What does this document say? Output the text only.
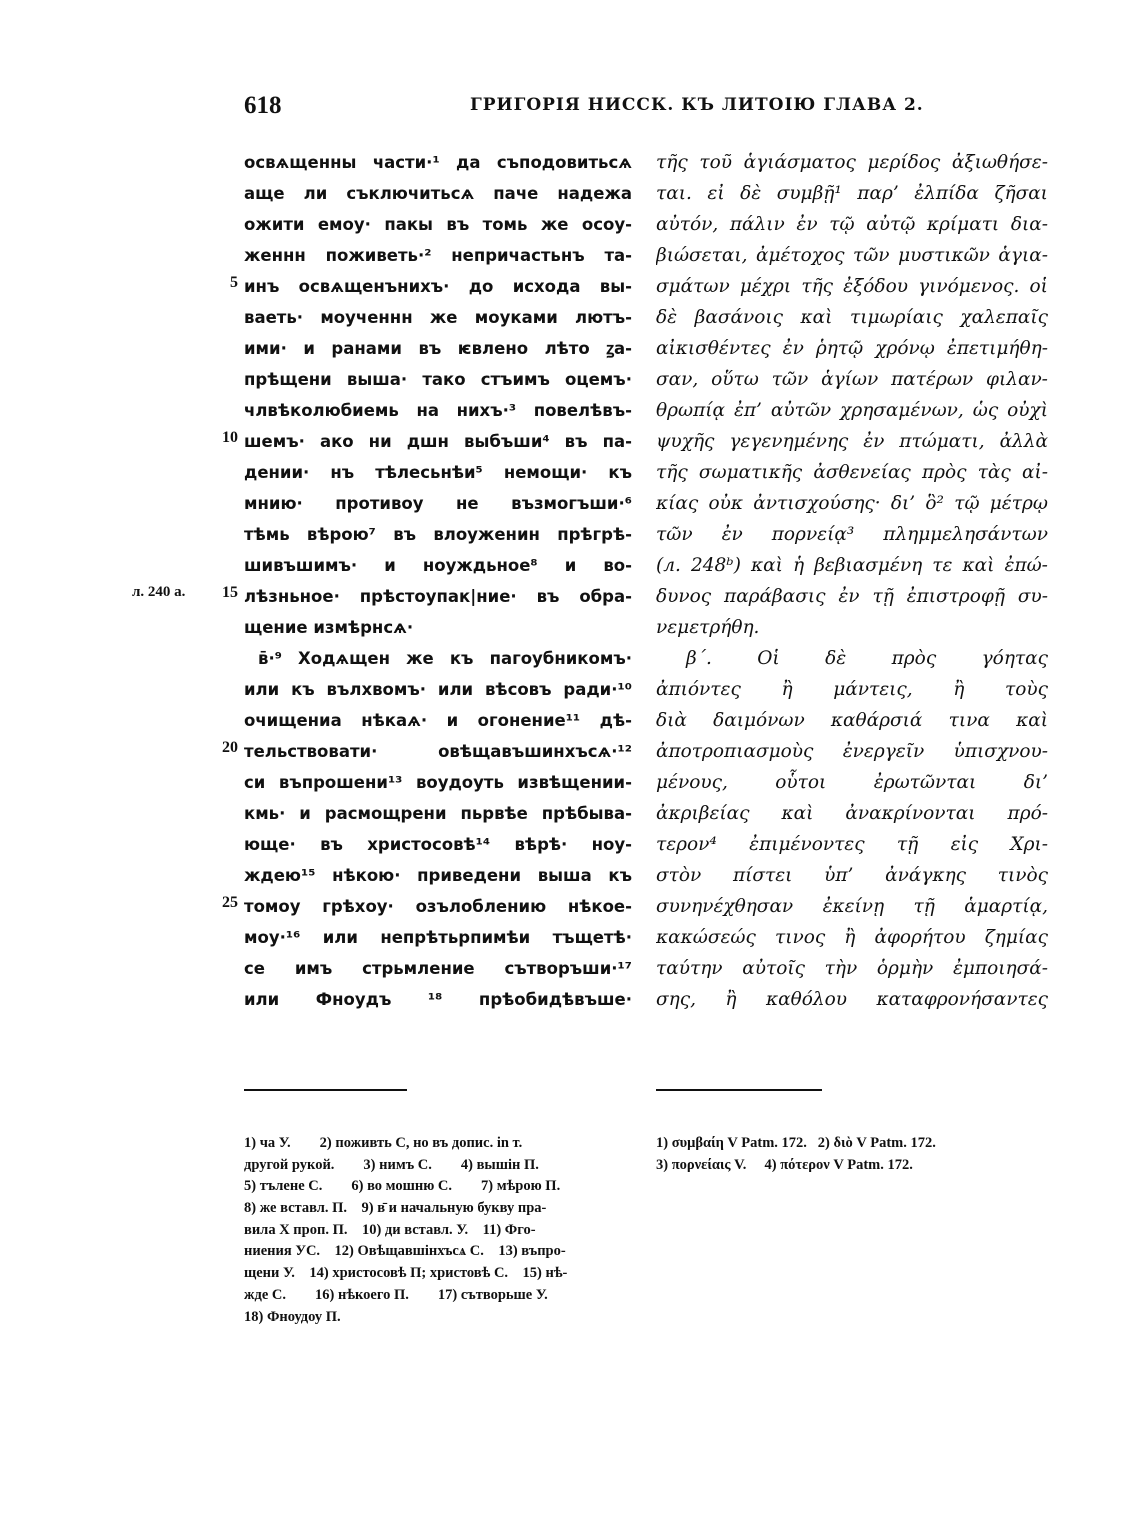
618	ГРИГОРІЯ НИССК. КЪ ЛИТОІЮ ГЛАВА 2.
освѧщенны части·¹ да съподовитьсѧ
аще ли съключитьсѧ паче надежа
ожити емоу· пакы въ томь же осоу-
женнн поживеть·² непричастьнъ та-
инъ освѧщенънихъ· до исхода вы-
ваеть· моученнн же моуками лютъ-
ими· и ранами въ ѥвлено лѣто ꙁа-
прѣщени выша· тако стъимъ оцемъ·
члвѣколюбиемь на нихъ·³ повелѣвъ-
шемъ· ако ни дшн выбъши⁴ въ па-
дении· нъ тѣлесьнѣи⁵ немощи· къ
мнию· противоу не възмогъши·⁶
тѣмь вѣрою⁷ въ влоуженин прѣгрѣ-
шивъшимъ· и ноуждьное⁸ и во-
лѣзньное· прѣстоупак|ние· въ обра-
щение измѣрнсѧ·
в̄·⁹ Ходѧщен же къ пагоубникомъ·
или къ вълхвомъ· или вѣсовъ ради·¹⁰
очищениа нѣкаѧ· и огонение¹¹ дѣ-
тельствовати·	овѣщавъшинхъсѧ·¹²
си въпрошени¹³ воудоуть извѣщении-
кмь· и расмощрени пьрвѣе прѣбыва-
юще· въ христосовѣ¹⁴ вѣрѣ· ноу-
ждею¹⁵ нѣкою· приведени выша къ
томоу грѣхоу· озълоблению нѣкое-
моу·¹⁶ или непрѣтьрпимѣи тъщетѣ·
се имъ стрьмление сътворъши·¹⁷
или Фноудъ ¹⁸ прѣобидѣвъше·
5
10
15
20
25
л. 240 а.
τῆς τοῦ ἁγιάσματος μερίδος ἀξιωθήσε-
ται. εἰ δὲ συμβῇ¹ παρ’ ἐλπίδα ζῆσαι
αὐτόν, πάλιν ἐν τῷ αὐτῷ κρίματι δια-
βιώσεται, ἀμέτοχος τῶν μυστικῶν ἁγια-
σμάτων μέχρι τῆς ἐξόδου γινόμενος. οἱ
δὲ βασάνοις καὶ τιμωρίαις χαλεπαῖς
αἰκισθέντες ἐν ῥητῷ χρόνῳ ἐπετιμήθη-
σαν, οὕτω τῶν ἁγίων πατέρων φιλαν-
θρωπίᾳ ἐπ’ αὐτῶν χρησαμένων, ὡς οὐχὶ
ψυχῆς γεγενημένης ἐν πτώματι, ἀλλὰ
τῆς σωματικῆς ἀσθενείας πρὸς τὰς αἰ-
κίας οὐκ ἀντισχούσης· δι’ ὃ² τῷ μέτρῳ
τῶν ἐν πορνείᾳ³ πλημμελησάντων
(л. 248ᵇ) καὶ ἡ βεβιασμένη τε καὶ ἐπώ-
δυνος παράβασις ἐν τῇ ἐπιστροφῇ συ-
νεμετρήθη.
β΄. Οἱ δὲ πρὸς γόητας
ἀπιόντες ἢ μάντεις, ἢ τοὺς
διὰ δαιμόνων καθάρσιά τινα καὶ
ἀποτροπιασμοὺς ἐνεργεῖν ὑπισχνου-
μένους,	οὗτοι	ἐρωτῶνται	δι’
ἀκριβείας καὶ ἀνακρίνονται πρό-
τερον⁴ ἐπιμένοντες τῇ εἰς Χρι-
στὸν πίστει ὑπ’ ἀνάγκης τινὸς
συνηνέχθησαν ἐκείνῃ τῇ ἁμαρτίᾳ,
κακώσεώς τινος ἢ ἀφορήτου ζημίας
ταύτην αὐτοῖς τὴν ὁρμὴν ἐμποιησά-
σης, ἢ καθόλου καταφρονήσαντες
1) ча У.        2) поживть С, но въ допис. in т.
другой рукой.        3) нимъ С.        4) вышін П.
5) тълене С.        6) во мошню С.        7) мѣрою П.
8) же вставл. П.    9) в̄ и начальную букву пра-
вила Х проп. П.    10) ди вставл. У.    11) Фго-
ниения УС.    12) Овѣщавшінхъсѧ С.    13) въпро-
щени У.    14) христосовѣ П; христовѣ С.    15) нѣ-
жде С.        16) нѣкоего П.        17) сътворьше У.
18) Фноудоу П.
1) συμβαίη V Patm. 172.   2) διὸ V Patm. 172.
3) πορνείαις V.     4) πότερον V Patm. 172.
